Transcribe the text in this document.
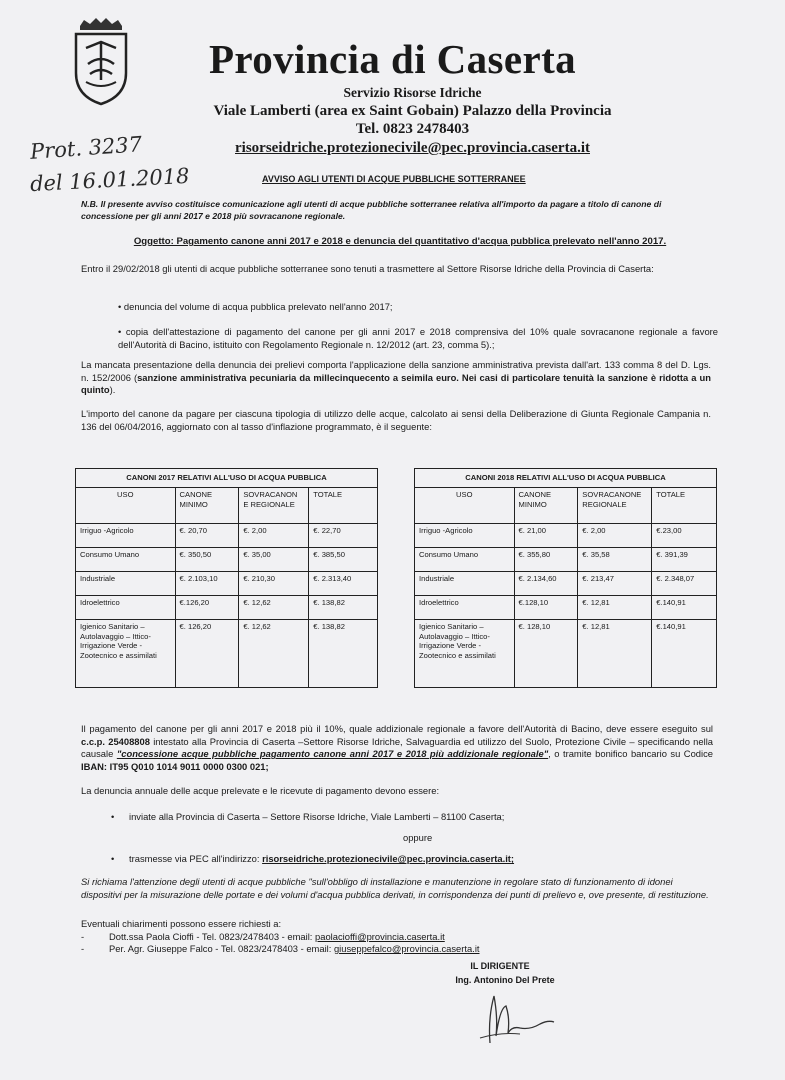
Provincia di Caserta
Servizio Risorse Idriche
Viale Lamberti (area ex Saint Gobain) Palazzo della Provincia
Tel. 0823 2478403
risorseidriche.protezionecivile@pec.provincia.caserta.it
Prot. 3237
del 16.01.2018	AVVISO AGLI UTENTI DI ACQUE PUBBLICHE SOTTERRANEE
N.B. Il presente avviso costituisce comunicazione agli utenti di acque pubbliche sotterranee relativa all'importo da pagare a titolo di canone di concessione per gli anni 2017 e 2018 più sovracanone regionale.
Oggetto: Pagamento canone anni 2017 e 2018 e denuncia del quantitativo d'acqua pubblica prelevato nell'anno 2017.
Entro il 29/02/2018 gli utenti di acque pubbliche sotterranee sono tenuti a trasmettere al Settore Risorse Idriche della Provincia di Caserta:
• denuncia del volume di acqua pubblica prelevato nell'anno 2017;
• copia dell'attestazione di pagamento del canone per gli anni 2017 e 2018 comprensiva del 10% quale sovracanone regionale a favore dell'Autorità di Bacino, istituito con Regolamento Regionale n. 12/2012 (art. 23, comma 5).;
La mancata presentazione della denuncia dei prelievi comporta l'applicazione della sanzione amministrativa prevista dall'art. 133 comma 8 del D. Lgs. n. 152/2006 (sanzione amministrativa pecuniaria da millecinquecento a seimila euro. Nei casi di particolare tenuità la sanzione è ridotta a un quinto).
L'importo del canone da pagare per ciascuna tipologia di utilizzo delle acque, calcolato ai sensi della Deliberazione di Giunta Regionale Campania n. 136 del 06/04/2016, aggiornato con al tasso d'inflazione programmato, è il seguente:
CANONI 2017 RELATIVI ALL'USO DI ACQUA PUBBLICA			
USO	CANONE MINIMO	SOVRACANON E REGIONALE	TOTALE
Irriguo -Agricolo	€. 20,70	€. 2,00	€. 22,70
Consumo Umano	€. 350,50	€. 35,00	€. 385,50
Industriale	€. 2.103,10	€. 210,30	€. 2.313,40
Idroelettrico	€.126,20	€. 12,62	€. 138,82
Igienico Sanitario – Autolavaggio – Ittico-Irrigazione Verde - Zootecnico e assimilati	€. 126,20	€. 12,62	€. 138,82
CANONI 2018 RELATIVI ALL'USO DI ACQUA PUBBLICA			
USO	CANONE MINIMO	SOVRACANONE REGIONALE	TOTALE
Irriguo -Agricolo	€. 21,00	€. 2,00	€.23,00
Consumo Umano	€. 355,80	€. 35,58	€. 391,39
Industriale	€. 2.134,60	€. 213,47	€. 2.348,07
Idroelettrico	€.128,10	€. 12,81	€.140,91
Igienico Sanitario – Autolavaggio – Ittico-Irrigazione Verde - Zootecnico e assimilati	€. 128,10	€. 12,81	€.140,91
Il pagamento del canone per gli anni 2017 e 2018 più il 10%, quale addizionale regionale a favore dell'Autorità di Bacino, deve essere eseguito sul c.c.p. 25408808 intestato alla Provincia di Caserta –Settore Risorse Idriche, Salvaguardia ed utilizzo del Suolo, Protezione Civile – specificando nella causale "concessione acque pubbliche pagamento canone anni 2017 e 2018 più addizionale regionale", o tramite bonifico bancario su Codice IBAN: IT95 Q010 1014 9011 0000 0300 021;
La denuncia annuale delle acque prelevate e le ricevute di pagamento devono essere:
• inviate alla Provincia di Caserta – Settore Risorse Idriche, Viale Lamberti – 81100 Caserta;
oppure
• trasmesse via PEC all'indirizzo: risorseidriche.protezionecivile@pec.provincia.caserta.it;
Si richiama l'attenzione degli utenti di acque pubbliche "sull'obbligo di installazione e manutenzione in regolare stato di funzionamento di idonei dispositivi per la misurazione delle portate e dei volumi d'acqua pubblica derivati, in corrispondenza dei punti di prelievo e, ove presente, di restituzione.
Eventuali chiarimenti possono essere richiesti a:
-	Dott.ssa Paola Cioffi - Tel. 0823/2478403 - email: paolacioffi@provincia.caserta.it
-	Per. Agr. Giuseppe Falco - Tel. 0823/2478403 - email: giuseppefalco@provincia.caserta.it
IL DIRIGENTE
Ing. Antonino Del Prete
